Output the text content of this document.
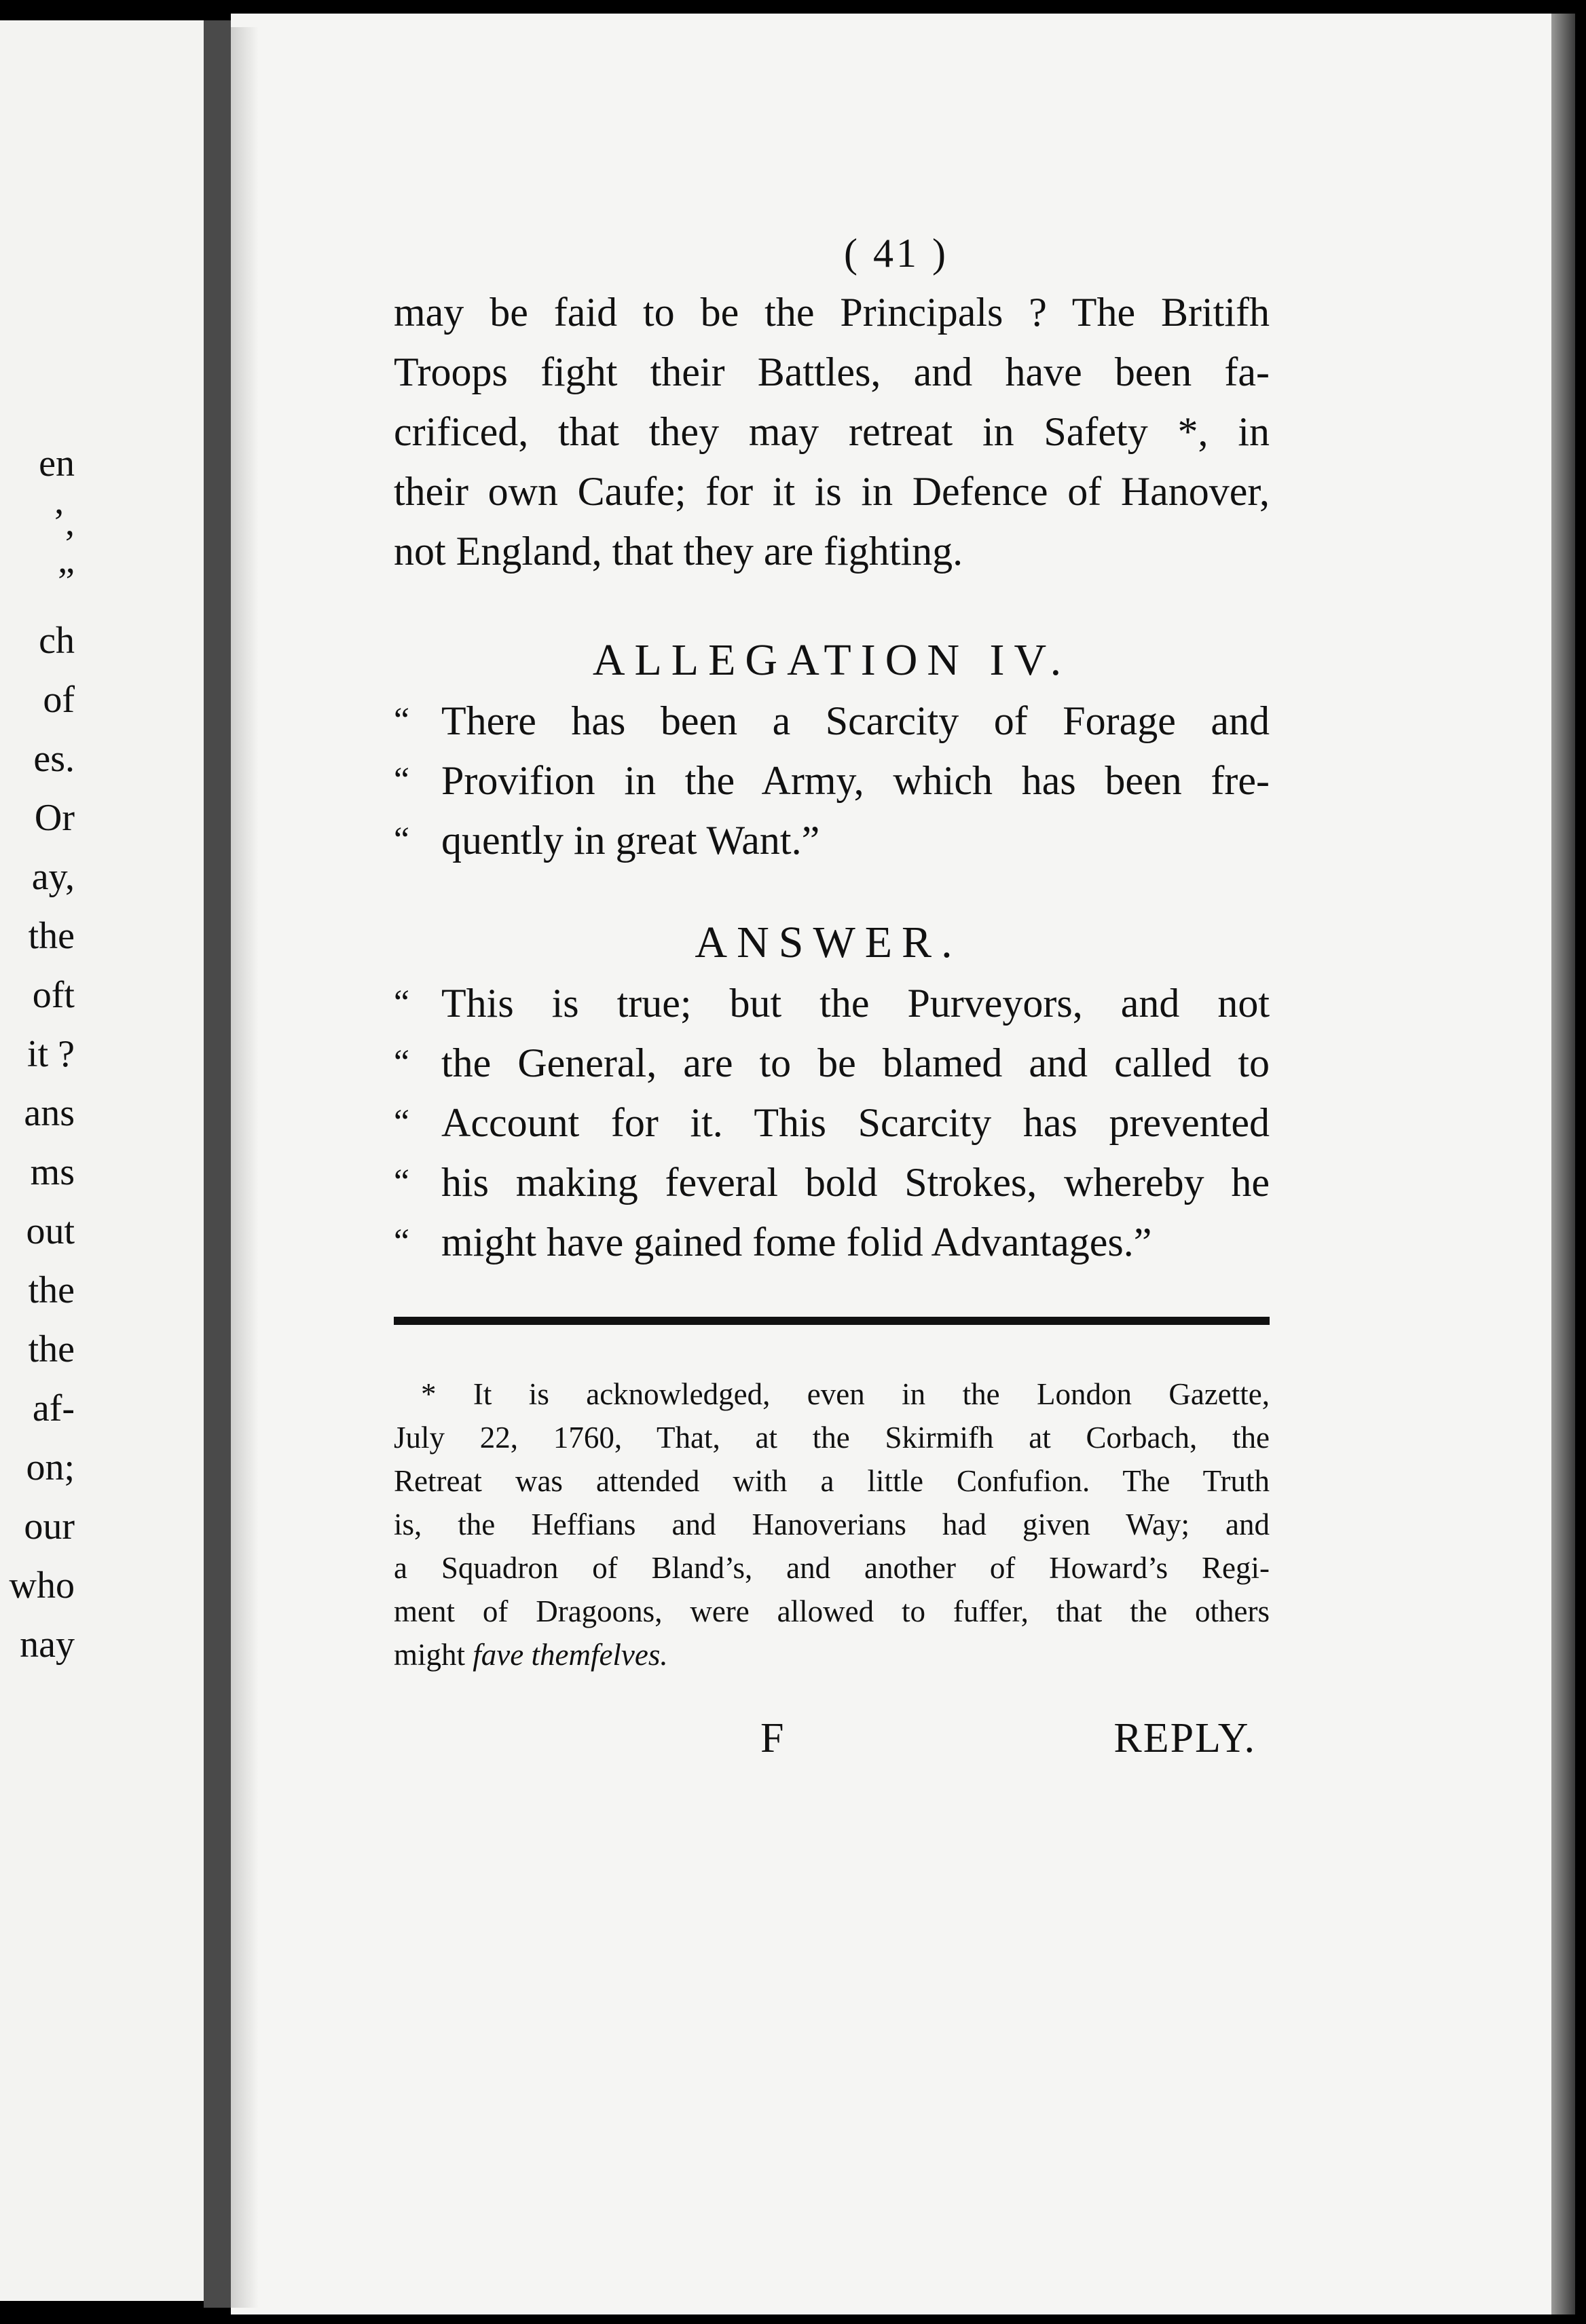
en
’,
”
ch
of
es.
Or
ay,
the
oft
it ?
ans
ms
out
the
the
af-
on;
our
who
nay
( 41 )
may be faid to be the Principals ? The Britifh
Troops fight their Battles, and have been fa-
crificed, that they may retreat in Safety *, in
their own Caufe; for it is in Defence of Hanover,
not England, that they are fighting.
ALLEGATION IV.
“ There has been a Scarcity of Forage and
“ Provifion in the Army, which has been fre-
“ quently in great Want.”
ANSWER.
“ This is true; but the Purveyors, and not
“ the General, are to be blamed and called to
“ Account for it. This Scarcity has prevented
“ his making feveral bold Strokes, whereby he
“ might have gained fome folid Advantages.”
* It is acknowledged, even in the London Gazette,
July 22, 1760, That, at the Skirmifh at Corbach, the
Retreat was attended with a little Confufion. The Truth
is, the Heffians and Hanoverians had given Way; and
a Squadron of Bland’s, and another of Howard’s Regi-
ment of Dragoons, were allowed to fuffer, that the others
might fave themfelves.
F	REPLY.
